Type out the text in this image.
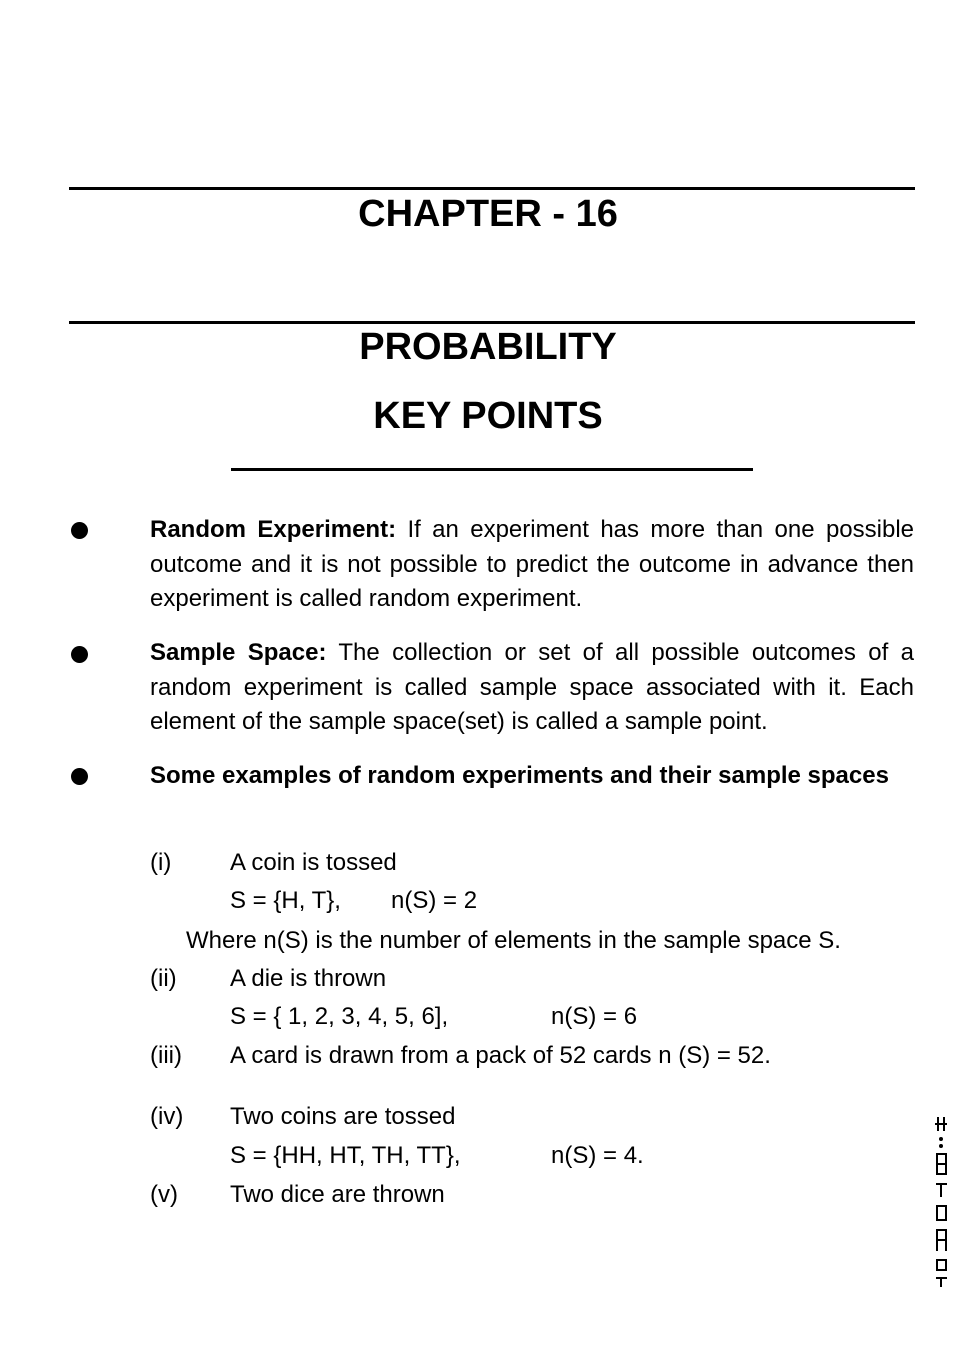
CHAPTER - 16
PROBABILITY
KEY POINTS
Random Experiment: If an experiment has more than one possible outcome and it is not possible to predict the outcome in advance then experiment is called random experiment.
Sample Space: The collection or set of all possible outcomes of a random experiment is called sample space associated with it. Each element of the sample space(set) is called a sample point.
Some examples of random experiments and their sample spaces
(i) A coin is tossed
S = {H, T}, n(S) = 2
Where n(S) is the number of elements in the sample space S.
(ii) A die is thrown
S = { 1, 2, 3, 4, 5, 6],	n(S) = 6
(iii) A card is drawn from a pack of 52 cards n (S) = 52.
(iv) Two coins are tossed
S = {HH, HT, TH, TT},	n(S) = 4.
(v) Two dice are thrown
